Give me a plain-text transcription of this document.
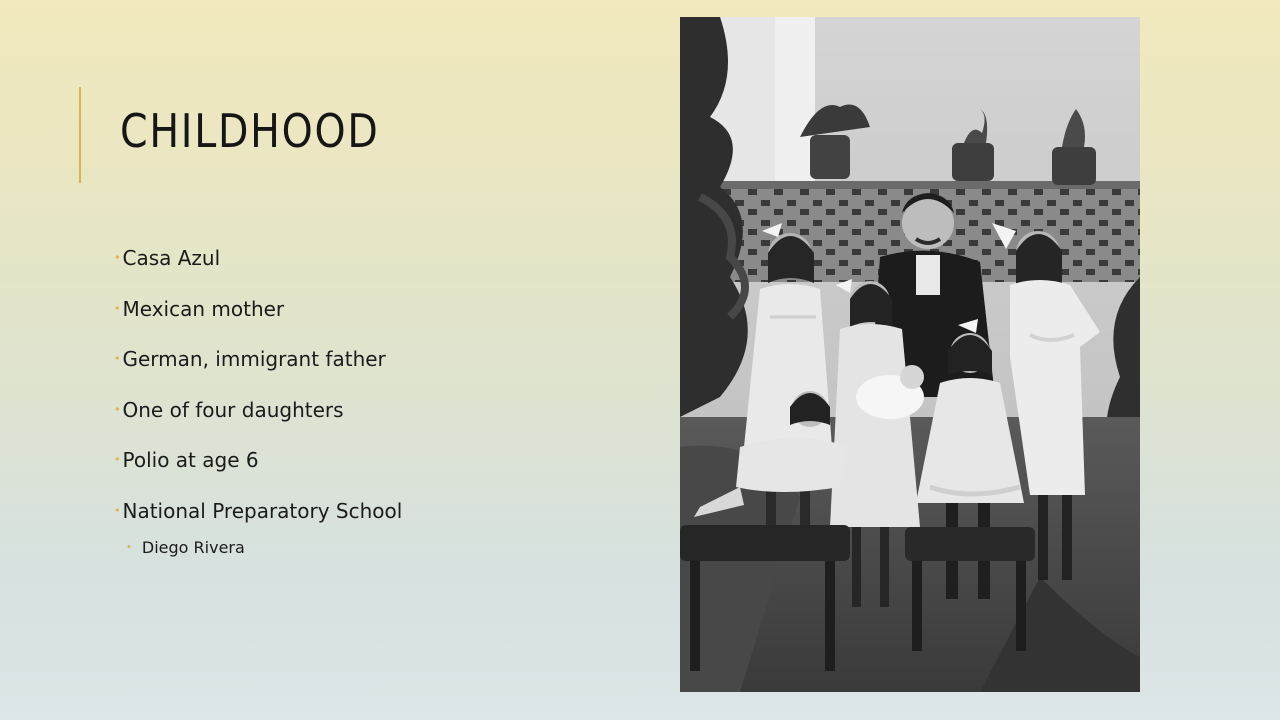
CHILDHOOD
• Casa Azul
• Mexican mother
• German, immigrant father
• One of four daughters
• Polio at age 6
• National Preparatory School
• Diego Rivera
